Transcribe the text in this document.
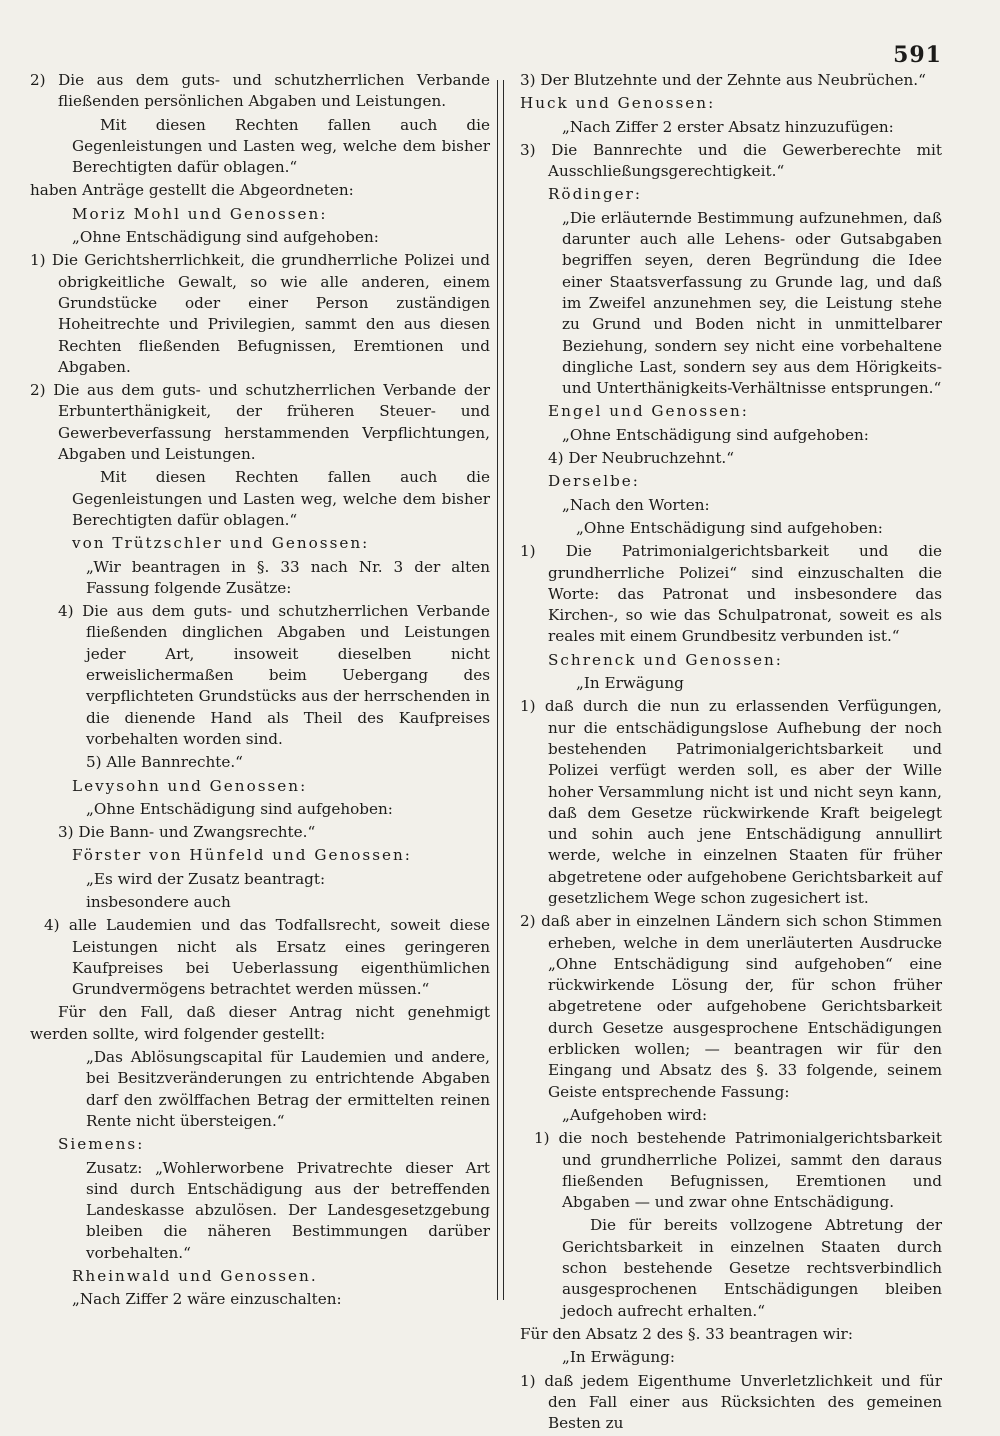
591

2) Die aus dem guts- und schutzherrlichen Verbande fließenden persönlichen Abgaben und Leistungen.

Mit diesen Rechten fallen auch die Gegenleistungen und Lasten weg, welche dem bisher Berechtigten dafür oblagen.“

haben Anträge gestellt die Abgeordneten:

Moriz Mohl und Genossen:

„Ohne Entschädigung sind aufgehoben:

1) Die Gerichtsherrlichkeit, die grundherrliche Polizei und obrigkeitliche Gewalt, so wie alle anderen, einem Grundstücke oder einer Person zuständigen Hoheitrechte und Privilegien, sammt den aus diesen Rechten fließenden Befugnissen, Eremtionen und Abgaben.

2) Die aus dem guts- und schutzherrlichen Verbande der Erbunterthänigkeit, der früheren Steuer- und Gewerbeverfassung herstammenden Verpflichtungen, Abgaben und Leistungen.

Mit diesen Rechten fallen auch die Gegenleistungen und Lasten weg, welche dem bisher Berechtigten dafür oblagen.“

von Trützschler und Genossen:

„Wir beantragen in §. 33 nach Nr. 3 der alten Fassung folgende Zusätze:

4) Die aus dem guts- und schutzherrlichen Verbande fließenden dinglichen Abgaben und Leistungen jeder Art, insoweit dieselben nicht erweislichermaßen beim Uebergang des verpflichteten Grundstücks aus der herrschenden in die dienende Hand als Theil des Kaufpreises vorbehalten worden sind.

5) Alle Bannrechte.“

Levysohn und Genossen:

„Ohne Entschädigung sind aufgehoben:

3) Die Bann- und Zwangsrechte.“

Förster von Hünfeld und Genossen:

„Es wird der Zusatz beantragt:

insbesondere auch

4) alle Laudemien und das Todfallsrecht, soweit diese Leistungen nicht als Ersatz eines geringeren Kaufpreises bei Ueberlassung eigenthümlichen Grundvermögens betrachtet werden müssen.“

Für den Fall, daß dieser Antrag nicht genehmigt werden sollte, wird folgender gestellt:

„Das Ablösungscapital für Laudemien und andere, bei Besitzveränderungen zu entrichtende Abgaben darf den zwölffachen Betrag der ermittelten reinen Rente nicht übersteigen.“

Siemens:

Zusatz: „Wohlerworbene Privatrechte dieser Art sind durch Entschädigung aus der betreffenden Landeskasse abzulösen. Der Landesgesetzgebung bleiben die näheren Bestimmungen darüber vorbehalten.“

Rheinwald und Genossen.

„Nach Ziffer 2 wäre einzuschalten:

3) Der Blutzehnte und der Zehnte aus Neubrüchen.“

Huck und Genossen:

„Nach Ziffer 2 erster Absatz hinzuzufügen:

3) Die Bannrechte und die Gewerberechte mit Ausschließungsgerechtigkeit.“

Rödinger:

„Die erläuternde Bestimmung aufzunehmen, daß darunter auch alle Lehens- oder Gutsabgaben begriffen seyen, deren Begründung die Idee einer Staatsverfassung zu Grunde lag, und daß im Zweifel anzunehmen sey, die Leistung stehe zu Grund und Boden nicht in unmittelbarer Beziehung, sondern sey nicht eine vorbehaltene dingliche Last, sondern sey aus dem Hörigkeits- und Unterthänigkeits-Verhältnisse entsprungen.“

Engel und Genossen:

„Ohne Entschädigung sind aufgehoben:

4) Der Neubruchzehnt.“

Derselbe:

„Nach den Worten:

„Ohne Entschädigung sind aufgehoben:

1) Die Patrimonialgerichtsbarkeit und die grundherrliche Polizei“ sind einzuschalten die Worte: das Patronat und insbesondere das Kirchen-, so wie das Schulpatronat, soweit es als reales mit einem Grundbesitz verbunden ist.“

Schrenck und Genossen:

„In Erwägung

1) daß durch die nun zu erlassenden Verfügungen, nur die entschädigungslose Aufhebung der noch bestehenden Patrimonialgerichtsbarkeit und Polizei verfügt werden soll, es aber der Wille hoher Versammlung nicht ist und nicht seyn kann, daß dem Gesetze rückwirkende Kraft beigelegt und sohin auch jene Entschädigung annullirt werde, welche in einzelnen Staaten für früher abgetretene oder aufgehobene Gerichtsbarkeit auf gesetzlichem Wege schon zugesichert ist.

2) daß aber in einzelnen Ländern sich schon Stimmen erheben, welche in dem unerläuterten Ausdrucke „Ohne Entschädigung sind aufgehoben“ eine rückwirkende Lösung der, für schon früher abgetretene oder aufgehobene Gerichtsbarkeit durch Gesetze ausgesprochene Entschädigungen erblicken wollen; — beantragen wir für den Eingang und Absatz des §. 33 folgende, seinem Geiste entsprechende Fassung:

„Aufgehoben wird:

1) die noch bestehende Patrimonialgerichtsbarkeit und grundherrliche Polizei, sammt den daraus fließenden Befugnissen, Eremtionen und Abgaben — und zwar ohne Entschädigung.

Die für bereits vollzogene Abtretung der Gerichtsbarkeit in einzelnen Staaten durch schon bestehende Gesetze rechtsverbindlich ausgesprochenen Entschädigungen bleiben jedoch aufrecht erhalten.“

Für den Absatz 2 des §. 33 beantragen wir:

„In Erwägung:

1) daß jedem Eigenthume Unverletzlichkeit und für den Fall einer aus Rücksichten des gemeinen Besten zu
